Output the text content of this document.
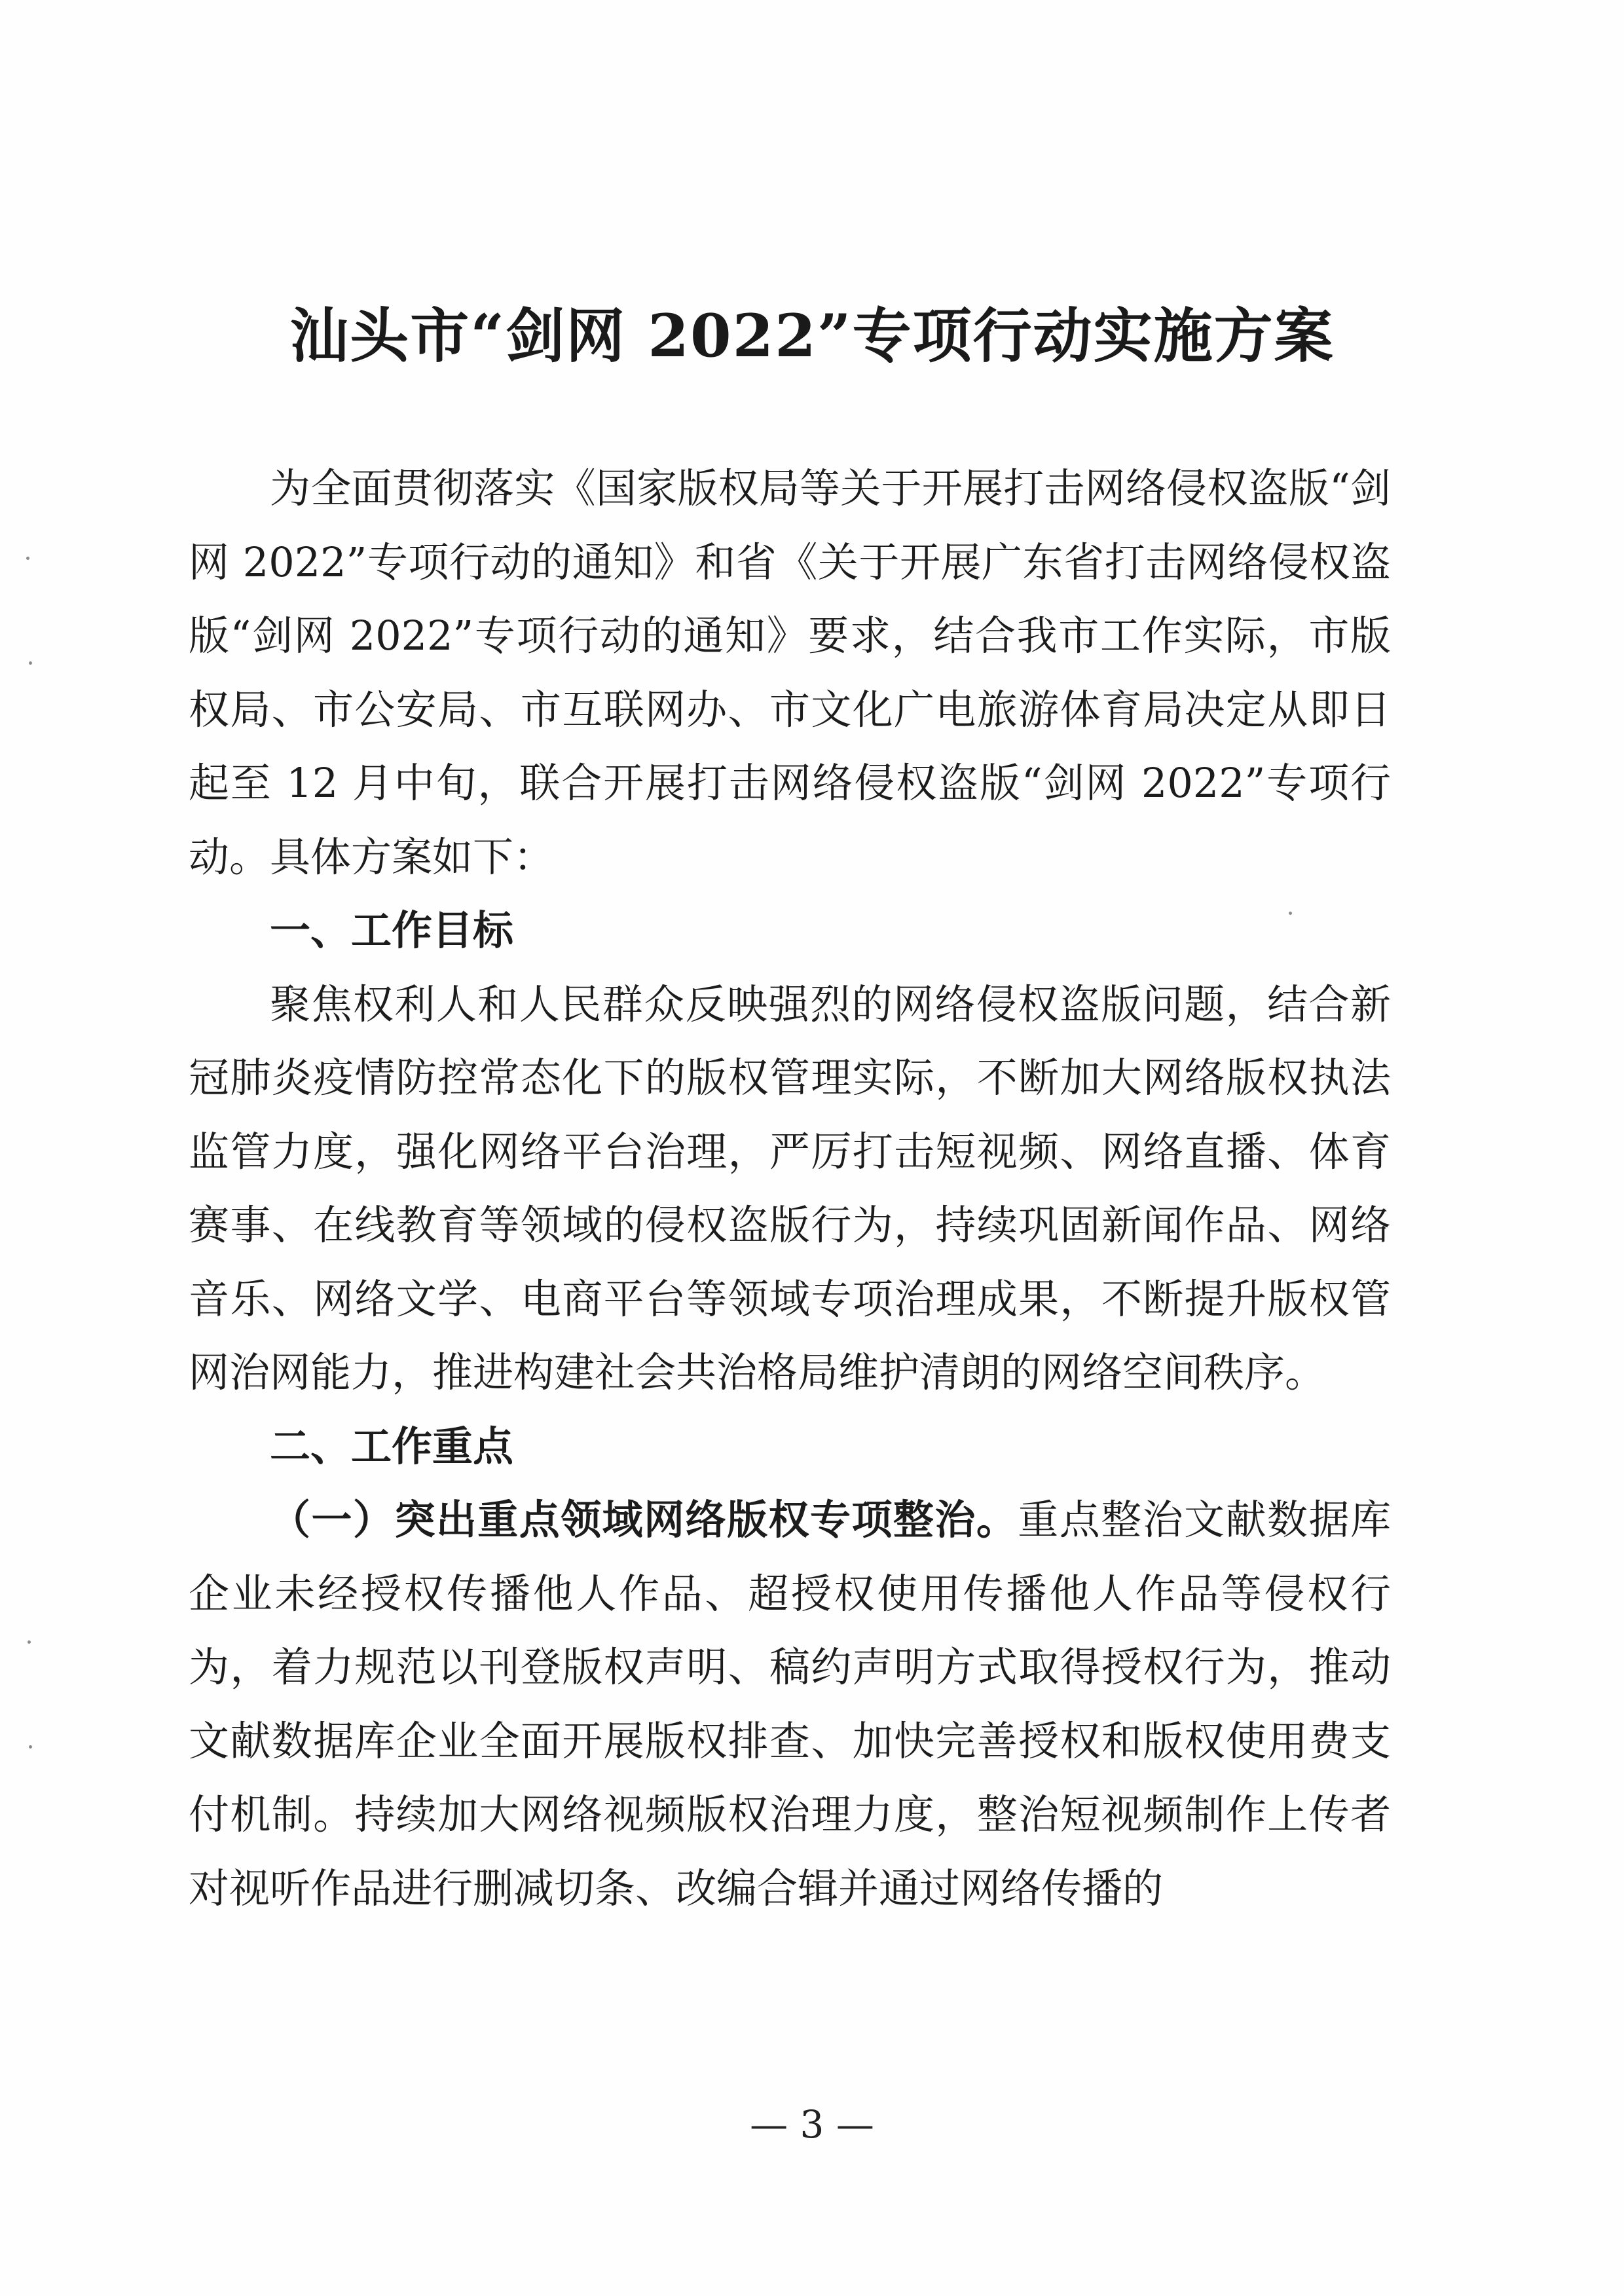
汕头市“剑网 2022”专项行动实施方案

为全面贯彻落实《国家版权局等关于开展打击网络侵权盗版“剑网 2022”专项行动的通知》和省《关于开展广东省打击网络侵权盗版“剑网 2022”专项行动的通知》要求，结合我市工作实际，市版权局、市公安局、市互联网办、市文化广电旅游体育局决定从即日起至 12 月中旬，联合开展打击网络侵权盗版“剑网 2022”专项行动。具体方案如下：

一、工作目标

聚焦权利人和人民群众反映强烈的网络侵权盗版问题，结合新冠肺炎疫情防控常态化下的版权管理实际，不断加大网络版权执法监管力度，强化网络平台治理，严厉打击短视频、网络直播、体育赛事、在线教育等领域的侵权盗版行为，持续巩固新闻作品、网络音乐、网络文学、电商平台等领域专项治理成果，不断提升版权管网治网能力，推进构建社会共治格局维护清朗的网络空间秩序。

二、工作重点

（一）突出重点领域网络版权专项整治。重点整治文献数据库企业未经授权传播他人作品、超授权使用传播他人作品等侵权行为，着力规范以刊登版权声明、稿约声明方式取得授权行为，推动文献数据库企业全面开展版权排查、加快完善授权和版权使用费支付机制。持续加大网络视频版权治理力度，整治短视频制作上传者对视听作品进行删减切条、改编合辑并通过网络传播的

— 3 —
